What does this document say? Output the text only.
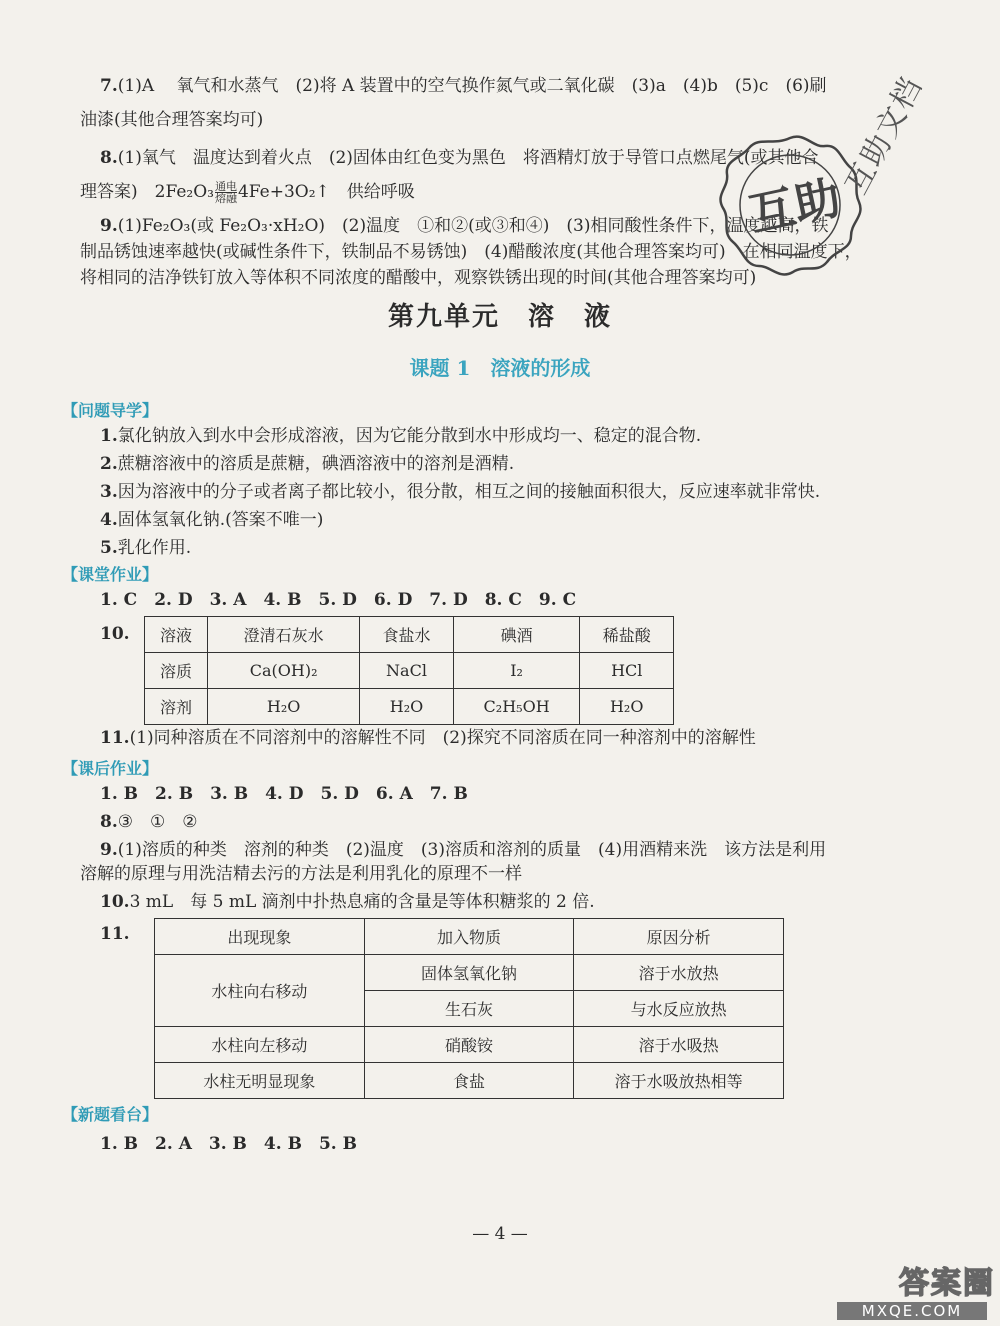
7.(1)A　 氧气和水蒸气　(2)将 A 装置中的空气换作氮气或二氧化碳　(3)a　(4)b　(5)c　(6)刷
油漆(其他合理答案均可)
8.(1)氧气　温度达到着火点　(2)固体由红色变为黑色　将酒精灯放于导管口点燃尾气(或其他合
理答案)　2Fe₂O₃ 通电
熔融 4Fe+3O₂↑　供给呼吸
9.(1)Fe₂O₃(或 Fe₂O₃·xH₂O)　(2)温度　①和②(或③和④)　(3)相同酸性条件下，温度越高，铁
制品锈蚀速率越快(或碱性条件下，铁制品不易锈蚀)　(4)醋酸浓度(其他合理答案均可)　在相同温度下，
将相同的洁净铁钉放入等体积不同浓度的醋酸中，观察铁锈出现的时间(其他合理答案均可)
互助
互助文档
第九单元　溶　液
课题 1　溶液的形成
【问题导学】
1.氯化钠放入到水中会形成溶液，因为它能分散到水中形成均一、稳定的混合物.
2.蔗糖溶液中的溶质是蔗糖，碘酒溶液中的溶剂是酒精.
3.因为溶液中的分子或者离子都比较小，很分散，相互之间的接触面积很大，反应速率就非常快.
4.固体氢氧化钠.(答案不唯一)
5.乳化作用.
【课堂作业】
1. C　2. D　3. A　4. B　5. D　6. D　7. D　8. C　9. C
10. 溶液	澄清石灰水	食盐水	碘酒	稀盐酸
溶质	Ca(OH)₂	NaCl	I₂	HCl
溶剂	H₂O	H₂O	C₂H₅OH	H₂O
11.(1)同种溶质在不同溶剂中的溶解性不同　(2)探究不同溶质在同一种溶剂中的溶解性
【课后作业】
1. B　2. B　3. B　4. D　5. D　6. A　7. B
8.③　①　②
9.(1)溶质的种类　溶剂的种类　(2)温度　(3)溶质和溶剂的质量　(4)用酒精来洗　该方法是利用
溶解的原理与用洗洁精去污的方法是利用乳化的原理不一样
10.3 mL　每 5 mL 滴剂中扑热息痛的含量是等体积糖浆的 2 倍.
11.	出现现象	加入物质	原因分析
水柱向右移动	固体氢氧化钠	溶于水放热
	生石灰	与水反应放热
水柱向左移动	硝酸铵	溶于水吸热
水柱无明显现象	食盐	溶于水吸放热相等
【新题看台】
1. B　2. A　3. B　4. B　5. B
— 4 —
答案圈
MXQE.COM
